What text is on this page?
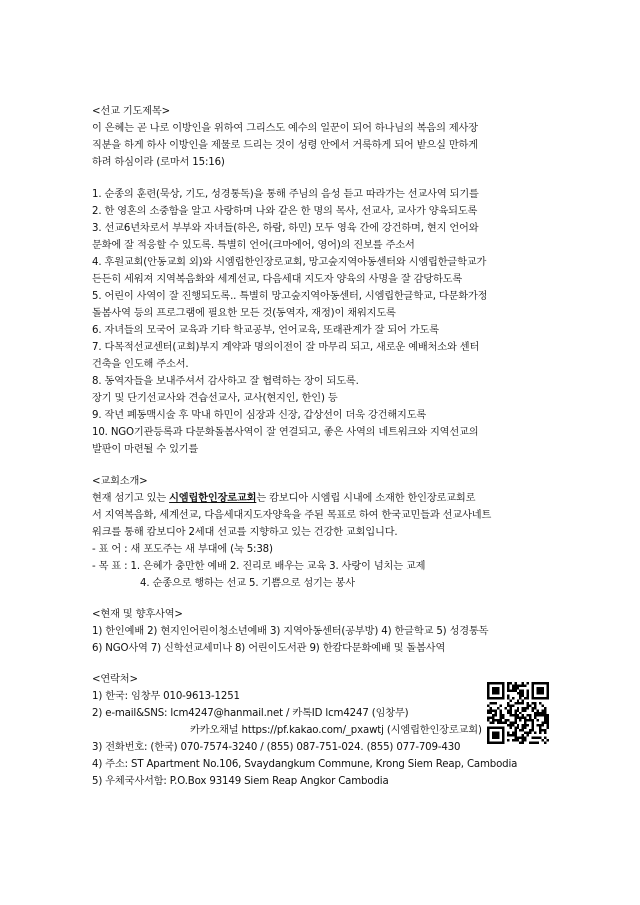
<선교 기도제목>
이 은혜는 곧 나로 이방인을 위하여 그리스도 예수의 일꾼이 되어 하나님의 복음의 제사장
직분을 하게 하사 이방인을 제물로 드리는 것이 성령 안에서 거룩하게 되어 받으실 만하게
하려 하심이라 (로마서 15:16)
1. 순종의 훈련(묵상, 기도, 성경통독)을 통해 주님의 음성 듣고 따라가는 선교사역 되기를
2. 한 영혼의 소중함을 알고 사랑하며 나와 같은 한 명의 목사, 선교사, 교사가 양육되도록
3. 선교6년차로서 부부와 자녀들(하은, 하람, 하민) 모두 영육 간에 강건하며, 현지 언어와
문화에 잘 적응할 수 있도록. 특별히 언어(크마에어, 영어)의 진보를 주소서
4. 후원교회(안동교회 외)와 시엠립한인장로교회, 망고숲지역아동센터와 시엠립한글학교가
든든히 세워져 지역복음화와 세계선교, 다음세대 지도자 양육의 사명을 잘 감당하도록
5. 어린이 사역이 잘 진행되도록.. 특별히 망고숲지역아동센터, 시엠립한글학교, 다문화가정
돌봄사역 등의 프로그램에 필요한 모든 것(동역자, 재정)이 채워지도록
6. 자녀들의 모국어 교육과 기타 학교공부, 언어교육, 또래관계가 잘 되어 가도록
7. 다목적선교센터(교회)부지 계약과 명의이전이 잘 마무리 되고, 새로운 예배처소와 센터
건축을 인도해 주소서.
8. 동역자들을 보내주셔서 감사하고 잘 협력하는 장이 되도록.
장기 및 단기선교사와 견습선교사, 교사(현지인, 한인) 등
9. 작년 폐동맥시술 후 막내 하민이 심장과 신장, 갑상선이 더욱 강건해지도록
10. NGO기관등록과 다문화돌봄사역이 잘 연결되고, 좋은 사역의 네트워크와 지역선교의
발판이 마련될 수 있기를
<교회소개>
현재 섬기고 있는 시엠립한인장로교회는 캄보디아 시엠립 시내에 소재한 한인장로교회로
서 지역복음화, 세계선교, 다음세대지도자양육을 주된 목표로 하여 한국교민들과 선교사네트
워크를 통해 캄보디아 2세대 선교를 지향하고 있는 건강한 교회입니다.
- 표 어 : 새 포도주는 새 부대에 (눅 5:38)
- 목 표 : 1. 은혜가 충만한 예배 2. 진리로 배우는 교육 3. 사랑이 넘치는 교제
4. 순종으로 행하는 선교 5. 기쁨으로 섬기는 봉사
<현재 및 향후사역>
1) 한인예배 2) 현지인어린이청소년예배 3) 지역아동센터(공부방) 4) 한글학교 5) 성경통독
6) NGO사역 7) 신학선교세미나 8) 어린이도서관 9) 한캄다문화예배 및 돌봄사역
<연락처>
1) 한국: 임창무 010-9613-1251
2) e-mail&SNS: lcm4247@hanmail.net / 카톡ID lcm4247 (임창무)
카카오채널 https://pf.kakao.com/_pxawtj (시엠립한인장로교회)
3) 전화번호: (한국) 070-7574-3240 / (855) 087-751-024. (855) 077-709-430
4) 주소: ST Apartment No.106, Svaydangkum Commune, Krong Siem Reap, Cambodia
5) 우체국사서함: P.O.Box 93149 Siem Reap Angkor Cambodia
